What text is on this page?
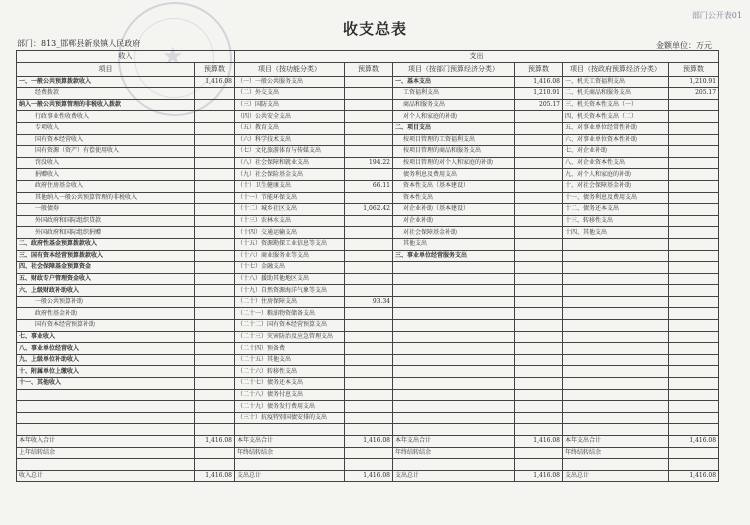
★
收支总表
部门公开表01
部门：813_邯郸县新泉镇人民政府	金额单位：万元
收入		支出					
项目	预算数	项目（按功能分类）	预算数	项目（按部门预算经济分类）	预算数	项目（按政府预算经济分类）	预算数
一、一般公共预算拨款收入	1,416.08	（一）一般公共服务支出		一、基本支出	1,416.08	一、机关工资福利支出	1,210.91
经费拨款		（二）外交支出		工资福利支出	1,210.91	二、机关商品和服务支出	205.17
纳入一般公共预算管理的非税收入拨款		（三）国防支出		商品和服务支出	205.17	三、机关资本性支出（一）	
行政事业性收费收入		（四）公共安全支出		对个人和家庭的补助		四、机关资本性支出（二）	
专项收入		（五）教育支出		二、项目支出		五、对事业单位经常性补助	
国有资本经营收入		（六）科学技术支出		按项目管理的工资福利支出		六、对事业单位资本性补助	
国有资源（资产）有偿使用收入		（七）文化旅游体育与传媒支出		按项目管理的商品和服务支出		七、对企业补助	
罚没收入		（八）社会保障和就业支出	194.22	按项目管理的对个人和家庭的补助		八、对企业资本性支出	
捐赠收入		（九）社会保险基金支出		债务利息及费用支出		九、对个人和家庭的补助	
政府住房基金收入		（十）卫生健康支出	66.11	资本性支出（基本建设）		十、对社会保障基金补助	
其他纳入一般公共预算管理的非税收入		（十一）节能环保支出		资本性支出		十一、债务利息及费用支出	
一般债券		（十二）城乡社区支出	1,062.42	对企业补助（基本建设）		十二、债务还本支出	
外国政府和国际组织贷款		（十三）农林水支出		对企业补助		十三、转移性支出	
外国政府和国际组织捐赠		（十四）交通运输支出		对社会保障基金补助		十四、其他支出	
二、政府性基金预算拨款收入		（十五）资源勘探工业信息等支出		其他支出			
三、国有资本经营预算拨款收入		（十六）商业服务业等支出		三、事业单位经营服务支出			
四、社会保障基金预算资金		（十七）金融支出					
五、财政专户管理资金收入		（十八）援助其他地区支出					
六、上级财政补助收入		（十九）自然资源海洋气象等支出					
一般公共预算补助		（二十）住房保障支出	93.34				
政府性基金补助		（二十一）粮油物资储备支出					
国有资本经营预算补助		（二十二）国有资本经营预算支出					
七、事业收入		（二十三）灾害防治及应急管理支出					
八、事业单位经营收入		（二十四）预备费					
九、上级单位补助收入		（二十五）其他支出					
十、附属单位上缴收入		（二十六）转移性支出					
十一、其他收入		（二十七）债务还本支出					
		（二十八）债务付息支出					
		（二十九）债务发行费用支出					
		（三十）抗疫特别国债安排的支出					

本年收入合计	1,416.08	本年支出合计	1,416.08	本年支出合计	1,416.08	本年支出合计	1,416.08
上年结转结余		年终结转结余		年终结转结余		年终结转结余	

收入总计	1,416.08	支出总计	1,416.08	支出总计	1,416.08	支出总计	1,416.08
